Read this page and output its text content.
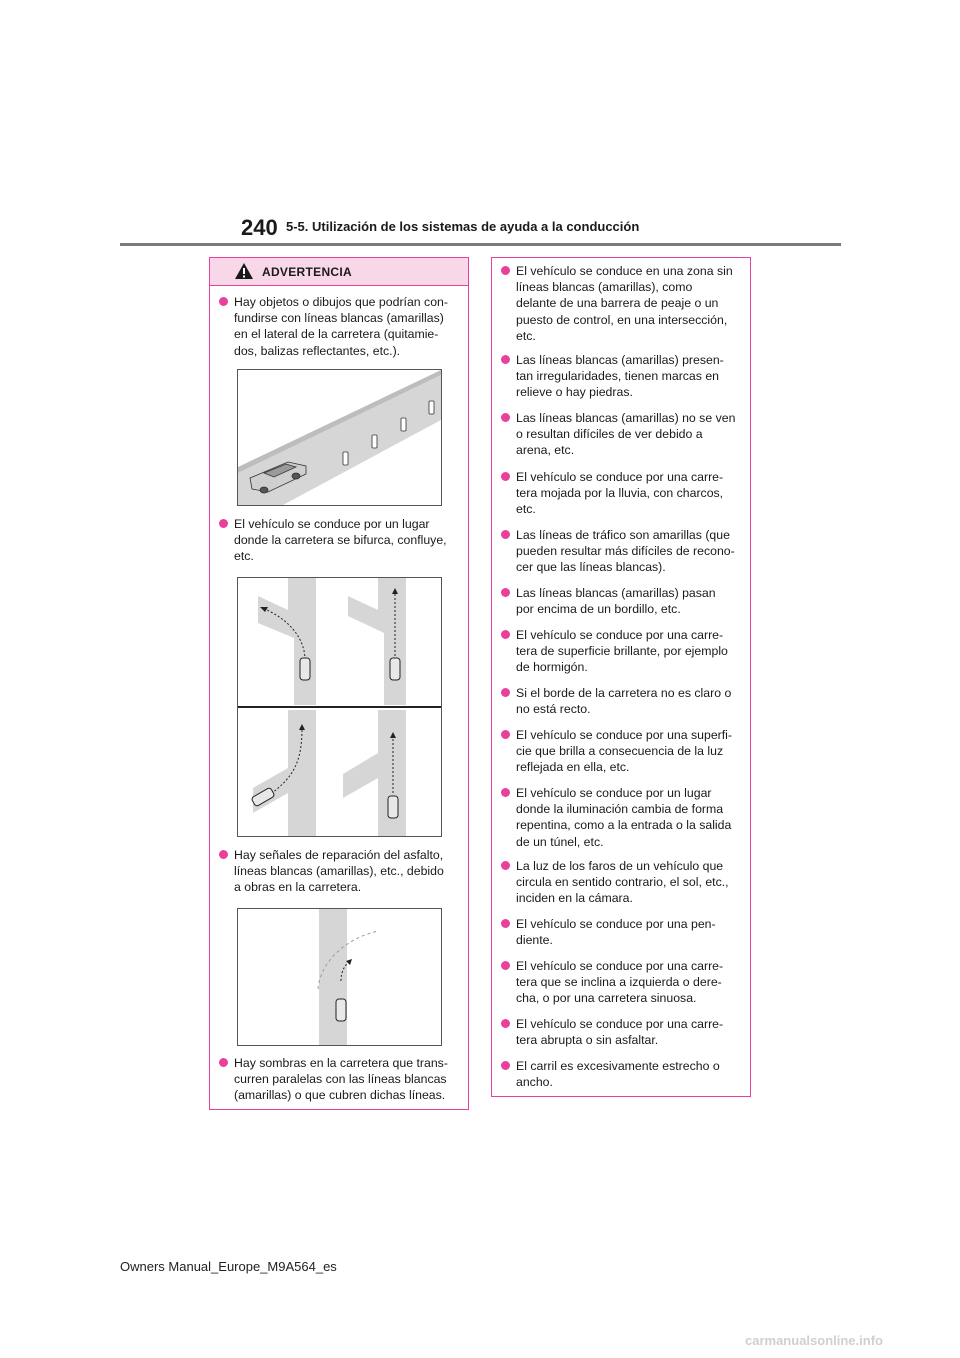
240 5-5. Utilización de los sistemas de ayuda a la conducción
ADVERTENCIA
Hay objetos o dibujos que podrían con-
fundirse con líneas blancas (amarillas)
en el lateral de la carretera (quitamie-
dos, balizas reflectantes, etc.).
El vehículo se conduce por un lugar
donde la carretera se bifurca, confluye,
etc.
Hay señales de reparación del asfalto,
líneas blancas (amarillas), etc., debido
a obras en la carretera.
Hay sombras en la carretera que trans-
curren paralelas con las líneas blancas
(amarillas) o que cubren dichas líneas.
El vehículo se conduce en una zona sin
líneas blancas (amarillas), como
delante de una barrera de peaje o un
puesto de control, en una intersección,
etc.
Las líneas blancas (amarillas) presen-
tan irregularidades, tienen marcas en
relieve o hay piedras.
Las líneas blancas (amarillas) no se ven
o resultan difíciles de ver debido a
arena, etc.
El vehículo se conduce por una carre-
tera mojada por la lluvia, con charcos,
etc.
Las líneas de tráfico son amarillas (que
pueden resultar más difíciles de recono-
cer que las líneas blancas).
Las líneas blancas (amarillas) pasan
por encima de un bordillo, etc.
El vehículo se conduce por una carre-
tera de superficie brillante, por ejemplo
de hormigón.
Si el borde de la carretera no es claro o
no está recto.
El vehículo se conduce por una superfi-
cie que brilla a consecuencia de la luz
reflejada en ella, etc.
El vehículo se conduce por un lugar
donde la iluminación cambia de forma
repentina, como a la entrada o la salida
de un túnel, etc.
La luz de los faros de un vehículo que
circula en sentido contrario, el sol, etc.,
inciden en la cámara.
El vehículo se conduce por una pen-
diente.
El vehículo se conduce por una carre-
tera que se inclina a izquierda o dere-
cha, o por una carretera sinuosa.
El vehículo se conduce por una carre-
tera abrupta o sin asfaltar.
El carril es excesivamente estrecho o
ancho.
Owners Manual_Europe_M9A564_es
carmanualsonline.info
